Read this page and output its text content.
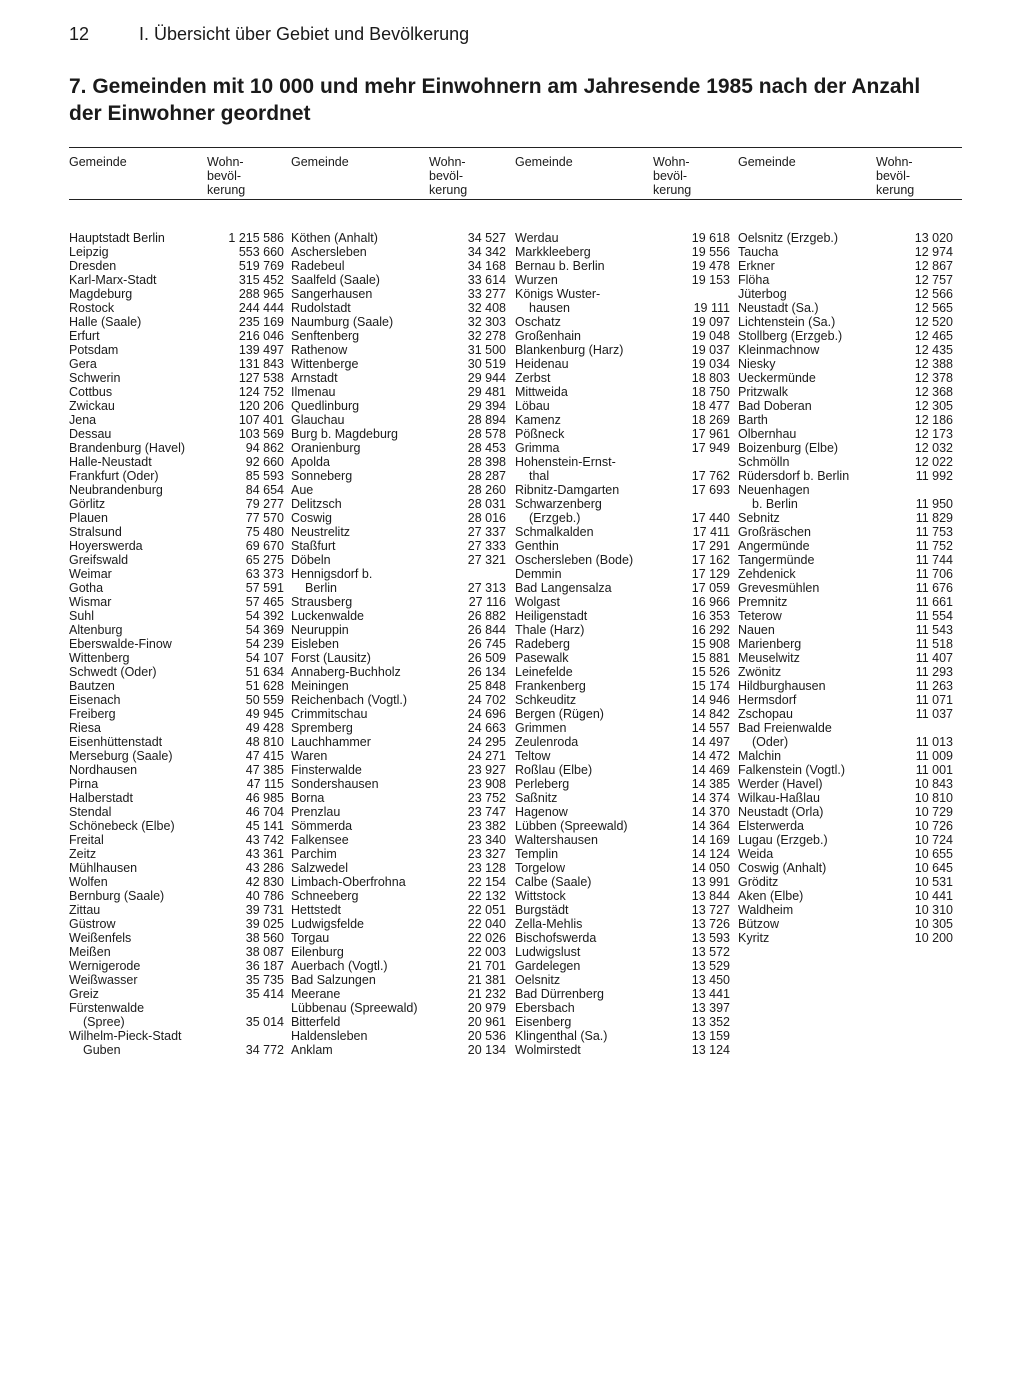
12	I. Übersicht über Gebiet und Bevölkerung
7. Gemeinden mit 10 000 und mehr Einwohnern am Jahresende 1985 nach der Anzahl der Einwohner geordnet
Gemeinde	Wohn-
bevöl-
kerung
Hauptstadt Berlin	1 215 586
Leipzig	553 660
Dresden	519 769
Karl-Marx-Stadt	315 452
Magdeburg	288 965
Rostock	244 444
Halle (Saale)	235 169
Erfurt	216 046
Potsdam	139 497
Gera	131 843
Schwerin	127 538
Cottbus	124 752
Zwickau	120 206
Jena	107 401
Dessau	103 569
Brandenburg (Havel)	94 862
Halle-Neustadt	92 660
Frankfurt (Oder)	85 593
Neubrandenburg	84 654
Görlitz	79 277
Plauen	77 570
Stralsund	75 480
Hoyerswerda	69 670
Greifswald	65 275
Weimar	63 373
Gotha	57 591
Wismar	57 465
Suhl	54 392
Altenburg	54 369
Eberswalde-Finow	54 239
Wittenberg	54 107
Schwedt (Oder)	51 634
Bautzen	51 628
Eisenach	50 559
Freiberg	49 945
Riesa	49 428
Eisenhüttenstadt	48 810
Merseburg (Saale)	47 415
Nordhausen	47 385
Pirna	47 115
Halberstadt	46 985
Stendal	46 704
Schönebeck (Elbe)	45 141
Freital	43 742
Zeitz	43 361
Mühlhausen	43 286
Wolfen	42 830
Bernburg (Saale)	40 786
Zittau	39 731
Güstrow	39 025
Weißenfels	38 560
Meißen	38 087
Wernigerode	36 187
Weißwasser	35 735
Greiz	35 414
Fürstenwalde
(Spree)	35 014
Wilhelm-Pieck-Stadt
Guben	34 772
Gemeinde	Wohn-
bevöl-
kerung
Köthen (Anhalt)	34 527
Aschersleben	34 342
Radebeul	34 168
Saalfeld (Saale)	33 614
Sangerhausen	33 277
Rudolstadt	32 408
Naumburg (Saale)	32 303
Senftenberg	32 278
Rathenow	31 500
Wittenberge	30 519
Arnstadt	29 944
Ilmenau	29 481
Quedlinburg	29 394
Glauchau	28 894
Burg b. Magdeburg	28 578
Oranienburg	28 453
Apolda	28 398
Sonneberg	28 287
Aue	28 260
Delitzsch	28 031
Coswig	28 016
Neustrelitz	27 337
Staßfurt	27 333
Döbeln	27 321
Hennigsdorf b.
Berlin	27 313
Strausberg	27 116
Luckenwalde	26 882
Neuruppin	26 844
Eisleben	26 745
Forst (Lausitz)	26 509
Annaberg-Buchholz	26 134
Meiningen	25 848
Reichenbach (Vogtl.)	24 702
Crimmitschau	24 696
Spremberg	24 663
Lauchhammer	24 295
Waren	24 271
Finsterwalde	23 927
Sondershausen	23 908
Borna	23 752
Prenzlau	23 747
Sömmerda	23 382
Falkensee	23 340
Parchim	23 327
Salzwedel	23 128
Limbach-Oberfrohna	22 154
Schneeberg	22 132
Hettstedt	22 051
Ludwigsfelde	22 040
Torgau	22 026
Eilenburg	22 003
Auerbach (Vogtl.)	21 701
Bad Salzungen	21 381
Meerane	21 232
Lübbenau (Spreewald)	20 979
Bitterfeld	20 961
Haldensleben	20 536
Anklam	20 134
Gemeinde	Wohn-
bevöl-
kerung
Werdau	19 618
Markkleeberg	19 556
Bernau b. Berlin	19 478
Wurzen	19 153
Königs Wuster-
hausen	19 111
Oschatz	19 097
Großenhain	19 048
Blankenburg (Harz)	19 037
Heidenau	19 034
Zerbst	18 803
Mittweida	18 750
Löbau	18 477
Kamenz	18 269
Pößneck	17 961
Grimma	17 949
Hohenstein-Ernst-
thal	17 762
Ribnitz-Damgarten	17 693
Schwarzenberg
(Erzgeb.)	17 440
Schmalkalden	17 411
Genthin	17 291
Oschersleben (Bode)	17 162
Demmin	17 129
Bad Langensalza	17 059
Wolgast	16 966
Heiligenstadt	16 353
Thale (Harz)	16 292
Radeberg	15 908
Pasewalk	15 881
Leinefelde	15 526
Frankenberg	15 174
Schkeuditz	14 946
Bergen (Rügen)	14 842
Grimmen	14 557
Zeulenroda	14 497
Teltow	14 472
Roßlau (Elbe)	14 469
Perleberg	14 385
Saßnitz	14 374
Hagenow	14 370
Lübben (Spreewald)	14 364
Waltershausen	14 169
Templin	14 124
Torgelow	14 050
Calbe (Saale)	13 991
Wittstock	13 844
Burgstädt	13 727
Zella-Mehlis	13 726
Bischofswerda	13 593
Ludwigslust	13 572
Gardelegen	13 529
Oelsnitz	13 450
Bad Dürrenberg	13 441
Ebersbach	13 397
Eisenberg	13 352
Klingenthal (Sa.)	13 159
Wolmirstedt	13 124
Gemeinde	Wohn-
bevöl-
kerung
Oelsnitz (Erzgeb.)	13 020
Taucha	12 974
Erkner	12 867
Flöha	12 757
Jüterbog	12 566
Neustadt (Sa.)	12 565
Lichtenstein (Sa.)	12 520
Stollberg (Erzgeb.)	12 465
Kleinmachnow	12 435
Niesky	12 388
Ueckermünde	12 378
Pritzwalk	12 368
Bad Doberan	12 305
Barth	12 186
Olbernhau	12 173
Boizenburg (Elbe)	12 032
Schmölln	12 022
Rüdersdorf b. Berlin	11 992
Neuenhagen
b. Berlin	11 950
Sebnitz	11 829
Großräschen	11 753
Angermünde	11 752
Tangermünde	11 744
Zehdenick	11 706
Grevesmühlen	11 676
Premnitz	11 661
Teterow	11 554
Nauen	11 543
Marienberg	11 518
Meuselwitz	11 407
Zwönitz	11 293
Hildburghausen	11 263
Hermsdorf	11 071
Zschopau	11 037
Bad Freienwalde
(Oder)	11 013
Malchin	11 009
Falkenstein (Vogtl.)	11 001
Werder (Havel)	10 843
Wilkau-Haßlau	10 810
Neustadt (Orla)	10 729
Elsterwerda	10 726
Lugau (Erzgeb.)	10 724
Weida	10 655
Coswig (Anhalt)	10 645
Gröditz	10 531
Aken (Elbe)	10 441
Waldheim	10 310
Bützow	10 305
Kyritz	10 200
